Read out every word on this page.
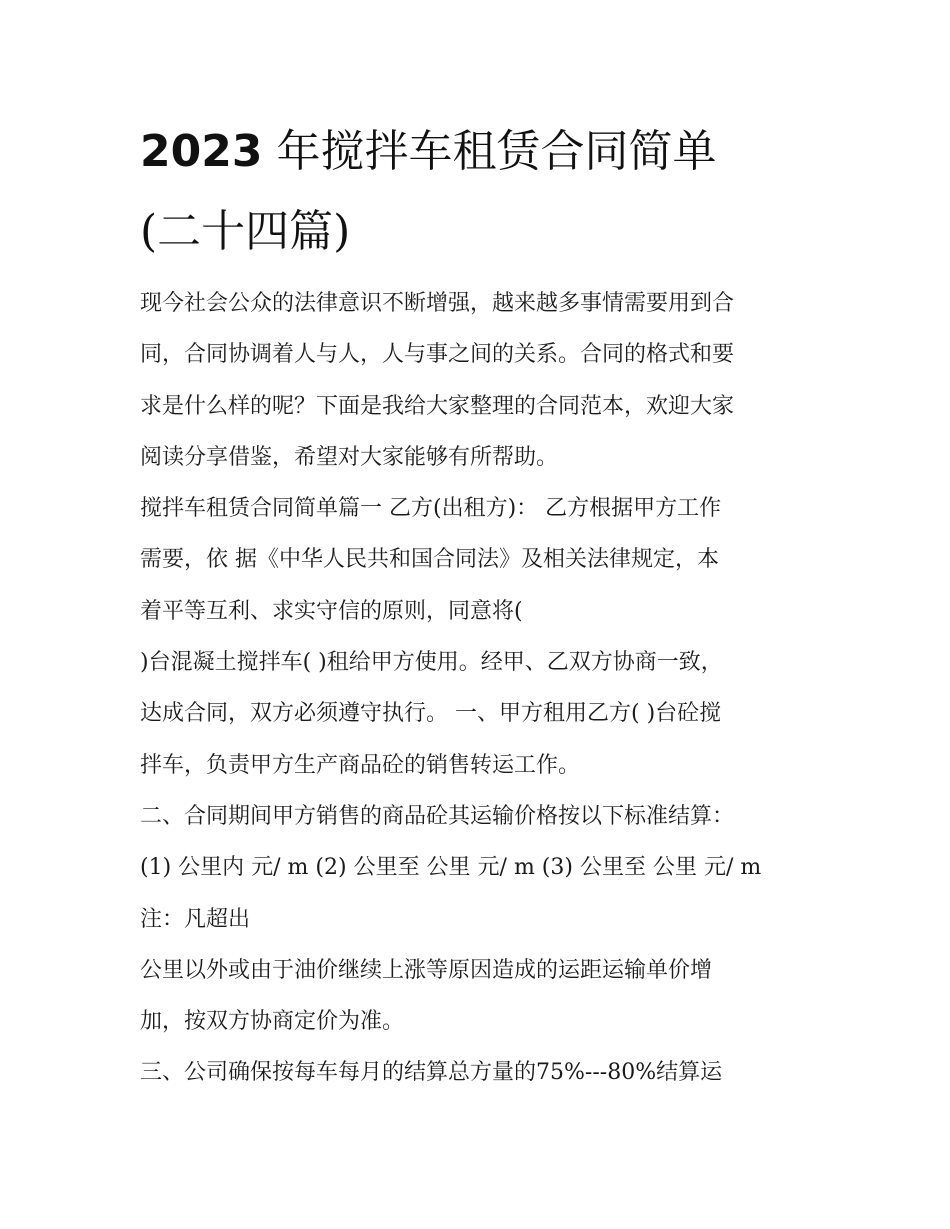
2023 年搅拌车租赁合同简单
(二十四篇)
现今社会公众的法律意识不断增强，越来越多事情需要用到合
同，合同协调着人与人，人与事之间的关系。合同的格式和要
求是什么样的呢？下面是我给大家整理的合同范本，欢迎大家
阅读分享借鉴，希望对大家能够有所帮助。
搅拌车租赁合同简单篇一 乙方(出租方)： 乙方根据甲方工作
需要，依 据《中华人民共和国合同法》及相关法律规定，本
着平等互利、求实守信的原则，同意将(
)台混凝土搅拌车( )租给甲方使用。经甲、乙双方协商一致，
达成合同，双方必须遵守执行。 一、甲方租用乙方( )台砼搅
拌车，负责甲方生产商品砼的销售转运工作。
二、合同期间甲方销售的商品砼其运输价格按以下标准结算：
(1) 公里内 元/ m (2) 公里至 公里 元/ m (3) 公里至 公里 元/ m
注：凡超出
公里以外或由于油价继续上涨等原因造成的运距运输单价增
加，按双方协商定价为准。
三、公司确保按每车每月的结算总方量的75%---80%结算运
